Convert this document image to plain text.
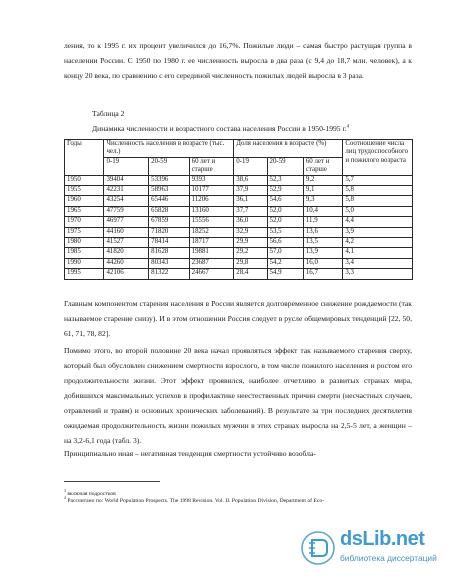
ления, то к 1995 г. их процент увеличился до 16,7%. Пожилые люди – самая быстро растущая группа в населении России. С 1950 по 1980 г. ее численность выросла в два раза (с 9,4 до 18,7 млн. человек), а к концу 20 века, по сравнению с его серединой численность пожилых людей выросла в 3 раза.

Таблица 2
Динамика численности и возрастного состава населения России в 1950-1995 г.$^4$
Годы	Численность населения в возрасте (тыс. чел.)			Доля населения в возрасте (%)			Соотношение числа лиц трудоспособного и пожилого возраста
	0-19	20-59	60 лет и старше	0-19	20-59	60 лет и старше	
1950	39404	53396	9393	38,6	52,3	9,2	5,7
1955	42231	58963	10177	37,9	52,9	9,1	5,8
1960	43254	65446	11206	36,1	54,6	9,3	5,8
1965	47759	65828	13160	37,7	52,0	10,4	5,0
1970	46977	67859	15556	36,0	52,0	11,9	4,4
1975	44160	71820	18252	32,9	53,5	13,6	3,9
1980	41527	78414	18717	29,9	56,6	13,5	4,2
1985	41820	81628	19881	29,2	57,0	13,9	4,1
1990	44260	80343	23687	29,8	54,2	16,0	3,4
1995	42106	81322	24667	28,4	54,9	16,7	3,3

Главным компонентом старения населения в России является долговременное снижение рождаемости (так называемое старение снизу). И в этом отношении Россия следует в русле общемировых тенденций [22, 50, 61, 71, 78, 82].

Помимо этого, во второй половине 20 века начал проявляться эффект так называемого старения сверху, который был обусловлен снижением смертности взрослого, в том числе пожилого населения и ростом его продолжительности жизни. Этот эффект проявился, наиболее отчетливо в развитых странах мира, добившихся максимальных успехов в профилактике неестественных причин смерти (несчастных случаев, отравлений и травм) и основных хронических заболеваний). В результате за три последних десятилетия ожидаемая продолжительность жизни пожилых мужчин в этих странах выросла на 2,5-5 лет, а женщин – на 3,2-6,1 года (табл. 3).

Принципиально иная – негативная тенденция смертности устойчиво возобла-

$^3$ включая подростков
$^4$ Рассчитано по: World Population Prospects. The 1998 Revision. Vol. II. Population Division, Department of Eco-
dsLib.net
библиотека диссертаций
